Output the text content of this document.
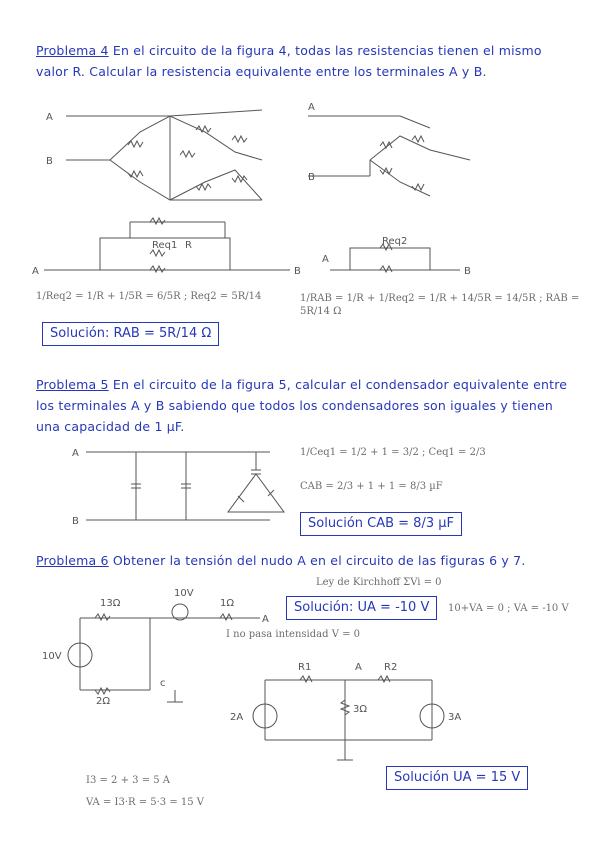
Problema 4 En el circuito de la figura 4, todas las resistencias tienen el mismo valor R. Calcular la resistencia equivalente entre los terminales A y B.

A
B
A
B
Req1 R
A	B
A
B
Req2
A
B
13Ω	1Ω
2Ω
10V
10V
A
c
2A	3A
R1	R2
A
3Ω

1/Req2 = 1/R + 1/5R = 6/5R ; Req2 = 5R/14	1/RAB = 1/R + 1/Req2 = 1/R + 14/5R = 14/5R ; RAB = 5R/14 Ω

Solución: RAB = 5R/14 Ω

Problema 5 En el circuito de la figura 5, calcular el condensador equivalente entre los terminales A y B sabiendo que todos los condensadores son iguales y tienen una capacidad de 1 µF.

1/Ceq1 = 1/2 + 1 = 3/2 ; Ceq1 = 2/3

CAB = 2/3 + 1 + 1 = 8/3 µF

Solución CAB = 8/3 µF

Problema 6 Obtener la tensión del nudo A en el circuito de las figuras 6 y 7.

Ley de Kirchhoff ΣVi = 0

Solución: UA = -10 V	10+VA = 0 ; VA = -10 V

I no pasa intensidad V = 0

Solución UA = 15 V

I3 = 2 + 3 = 5 A

VA = I3·R = 5·3 = 15 V
